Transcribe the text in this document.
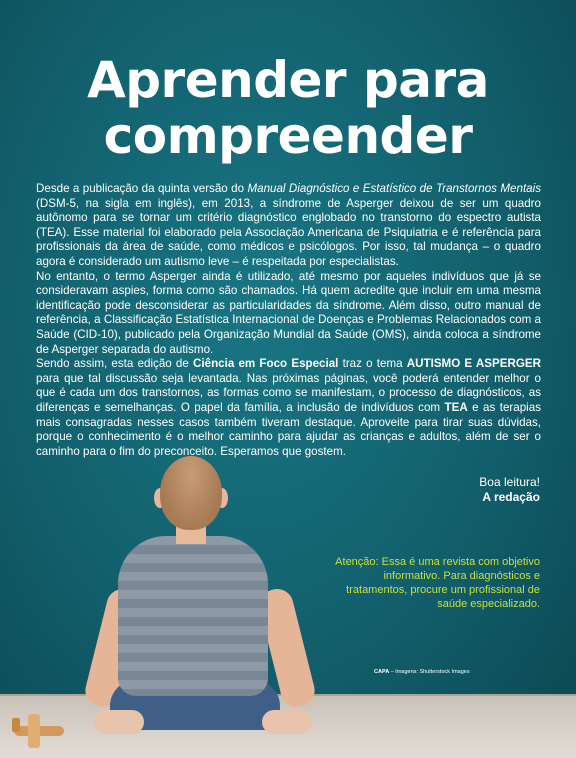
Aprender para
compreender

Desde a publicação da quinta versão do Manual Diagnóstico e Estatístico de Transtornos Mentais (DSM-5, na sigla em inglês), em 2013, a síndrome de Asperger deixou de ser um quadro autônomo para se tornar um critério diagnóstico englobado no transtorno do espectro autista (TEA). Esse material foi elaborado pela Associação Americana de Psiquiatria e é referência para profissionais da área de saúde, como médicos e psicólogos. Por isso, tal mudança – o quadro agora é considerado um autismo leve – é respeitada por especialistas.

No entanto, o termo Asperger ainda é utilizado, até mesmo por aqueles indivíduos que já se consideravam aspies, forma como são chamados. Há quem acredite que incluir em uma mesma identificação pode desconsiderar as particularidades da síndrome. Além disso, outro manual de referência, a Classificação Estatística Internacional de Doenças e Problemas Relacionados com a Saúde (CID-10), publicado pela Organização Mundial da Saúde (OMS), ainda coloca a síndrome de Asperger separada do autismo.

Sendo assim, esta edição de Ciência em Foco Especial traz o tema AUTISMO E ASPERGER para que tal discussão seja levantada. Nas próximas páginas, você poderá entender melhor o que é cada um dos transtornos, as formas como se manifestam, o processo de diagnósticos, as diferenças e semelhanças. O papel da família, a inclusão de indivíduos com TEA e as terapias mais consagradas nesses casos também tiveram destaque. Aproveite para tirar suas dúvidas, porque o conhecimento é o melhor caminho para ajudar as crianças e adultos, além de ser o caminho para o fim do preconceito. Esperamos que gostem.

Boa leitura!
A redação
Atenção: Essa é uma revista com objetivo informativo. Para diagnósticos e tratamentos, procure um profissional de saúde especializado.
CAPA – Imagens: Shutterstock Images
